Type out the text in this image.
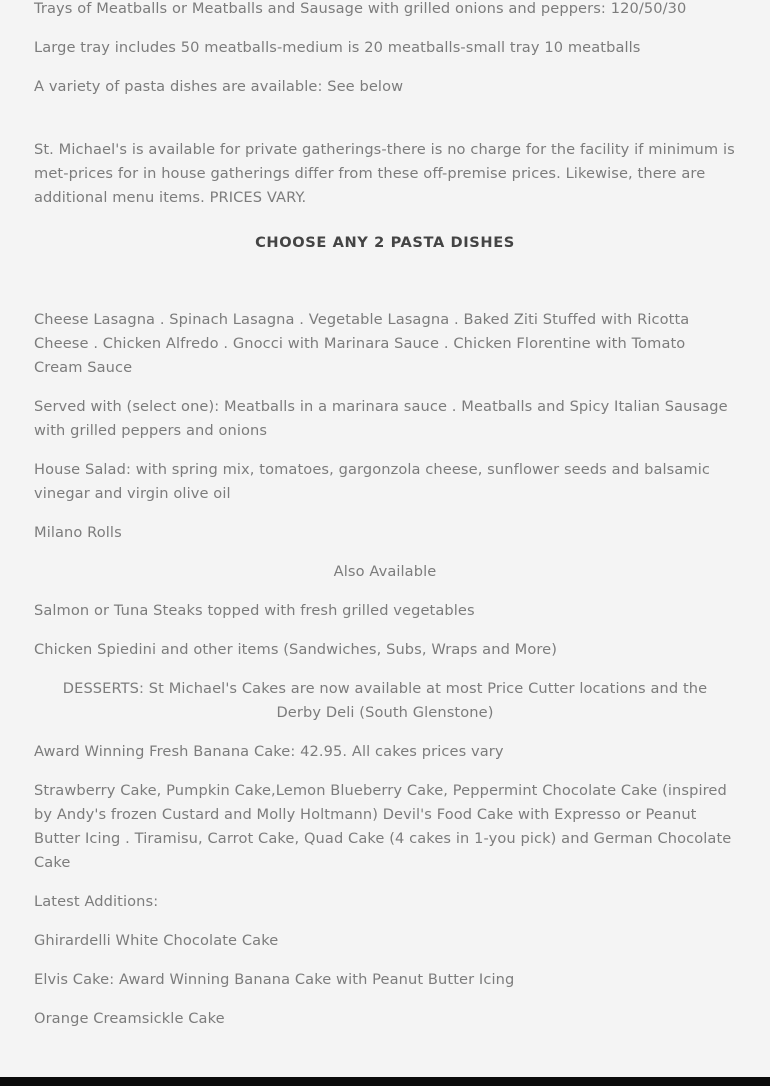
Trays of Meatballs or Meatballs and Sausage with grilled onions and peppers: 120/50/30

Large tray includes 50 meatballs-medium is 20 meatballs-small tray 10 meatballs

A variety of pasta dishes are available: See below

St. Michael's is available for private gatherings-there is no charge for the facility if minimum is met-prices for in house gatherings differ from these off-premise prices. Likewise, there are additional menu items. PRICES VARY.

CHOOSE ANY 2 PASTA DISHES

Cheese Lasagna . Spinach Lasagna . Vegetable Lasagna . Baked Ziti Stuffed with Ricotta Cheese . Chicken Alfredo . Gnocci with Marinara Sauce . Chicken Florentine with Tomato Cream Sauce

Served with (select one): Meatballs in a marinara sauce . Meatballs and Spicy Italian Sausage with grilled peppers and onions

House Salad: with spring mix, tomatoes, gargonzola cheese, sunflower seeds and balsamic vinegar and virgin olive oil

Milano Rolls

Also Available

Salmon or Tuna Steaks topped with fresh grilled vegetables

Chicken Spiedini and other items (Sandwiches, Subs, Wraps and More)

DESSERTS: St Michael's Cakes are now available at most Price Cutter locations and the Derby Deli (South Glenstone)

Award Winning Fresh Banana Cake: 42.95. All cakes prices vary

Strawberry Cake, Pumpkin Cake,Lemon Blueberry Cake, Peppermint Chocolate Cake (inspired by Andy's frozen Custard and Molly Holtmann) Devil's Food Cake with Expresso or Peanut Butter Icing . Tiramisu, Carrot Cake, Quad Cake (4 cakes in 1-you pick) and German Chocolate Cake

Latest Additions:

Ghirardelli White Chocolate Cake

Elvis Cake: Award Winning Banana Cake with Peanut Butter Icing

Orange Creamsickle Cake
